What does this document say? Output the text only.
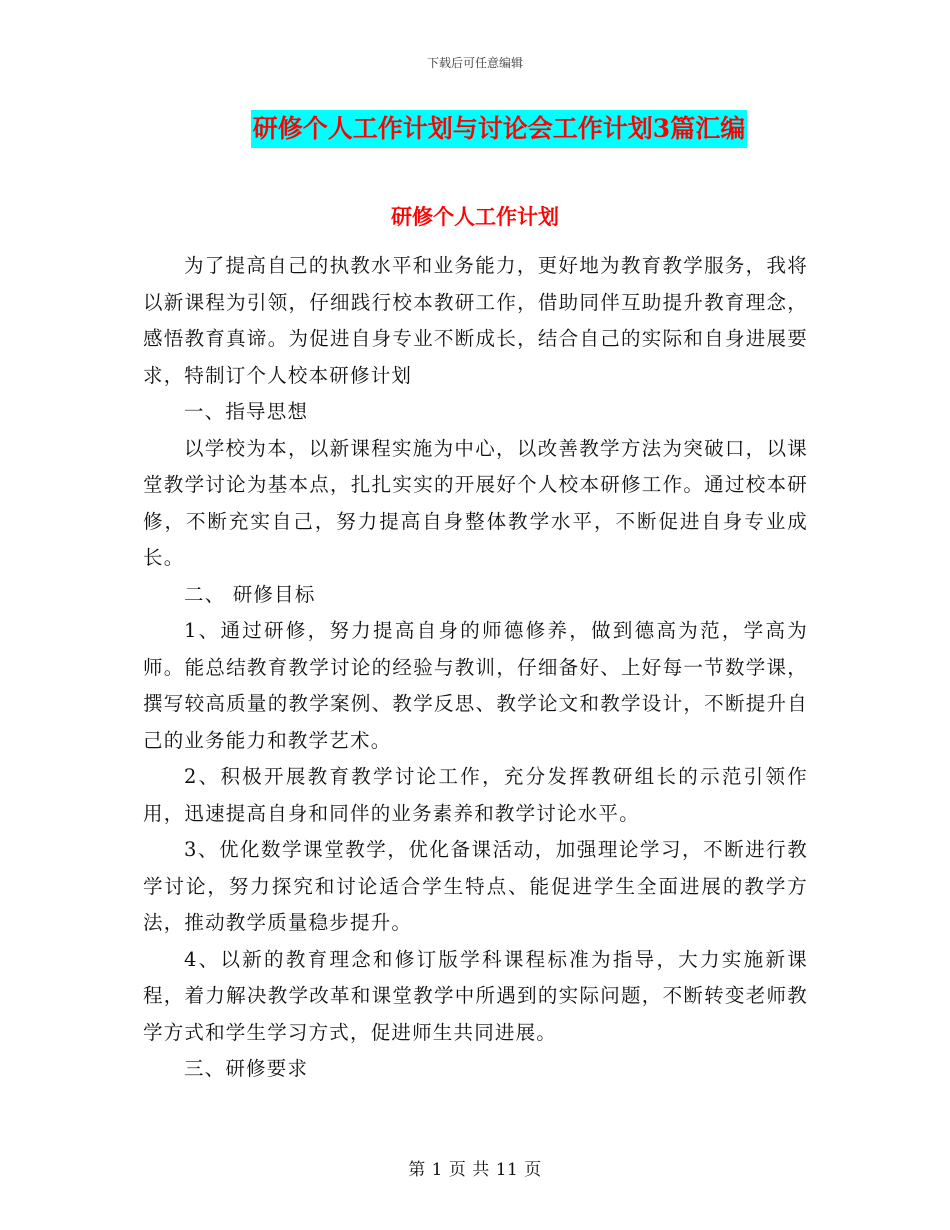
下载后可任意编辑
研修个人工作计划与讨论会工作计划3篇汇编
研修个人工作计划

为了提高自己的执教水平和业务能力，更好地为教育教学服务，我将以新课程为引领，仔细践行校本教研工作，借助同伴互助提升教育理念，感悟教育真谛。为促进自身专业不断成长，结合自己的实际和自身进展要求，特制订个人校本研修计划

一、指导思想

以学校为本，以新课程实施为中心，以改善教学方法为突破口，以课堂教学讨论为基本点，扎扎实实的开展好个人校本研修工作。通过校本研修，不断充实自己，努力提高自身整体教学水平，不断促进自身专业成长。

二、 研修目标

1、通过研修，努力提高自身的师德修养，做到德高为范，学高为师。能总结教育教学讨论的经验与教训，仔细备好、上好每一节数学课，撰写较高质量的教学案例、教学反思、教学论文和教学设计，不断提升自己的业务能力和教学艺术。

2、积极开展教育教学讨论工作，充分发挥教研组长的示范引领作用，迅速提高自身和同伴的业务素养和教学讨论水平。

3、优化数学课堂教学，优化备课活动，加强理论学习，不断进行教学讨论，努力探究和讨论适合学生特点、能促进学生全面进展的教学方法，推动教学质量稳步提升。

4、以新的教育理念和修订版学科课程标准为指导，大力实施新课程，着力解决教学改革和课堂教学中所遇到的实际问题，不断转变老师教学方式和学生学习方式，促进师生共同进展。

三、研修要求

第 1 页 共 11 页
